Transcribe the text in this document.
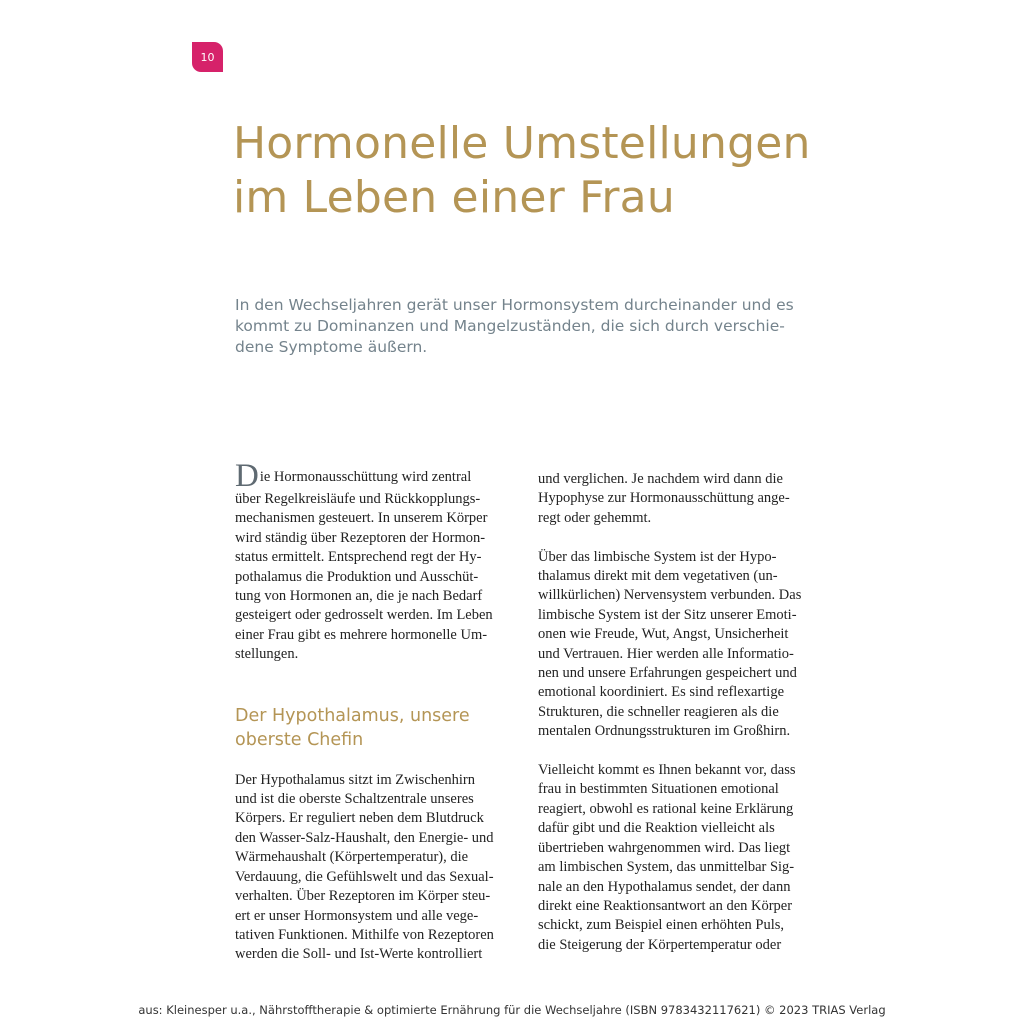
10
Hormonelle Umstellungen
im Leben einer Frau
In den Wechseljahren gerät unser Hormonsystem durcheinander und es
kommt zu Dominanzen und Mangelzuständen, die sich durch verschie-
dene Symptome äußern.

D ie Hormonausschüttung wird zentral
über Regelkreisläufe und Rückkopplungs-
mechanismen gesteuert. In unserem Körper
wird ständig über Rezeptoren der Hormon-
status ermittelt. Entsprechend regt der Hy-
pothalamus die Produktion und Ausschüt-
tung von Hormonen an, die je nach Bedarf
gesteigert oder gedrosselt werden. Im Leben
einer Frau gibt es mehrere hormonelle Um-
stellungen.

Der Hypothalamus, unsere
oberste Chefin

Der Hypothalamus sitzt im Zwischenhirn
und ist die oberste Schaltzentrale unseres
Körpers. Er reguliert neben dem Blutdruck
den Wasser-Salz-Haushalt, den Energie- und
Wärmehaushalt (Körpertemperatur), die
Verdauung, die Gefühlswelt und das Sexual-
verhalten. Über Rezeptoren im Körper steu-
ert er unser Hormonsystem und alle vege-
tativen Funktionen. Mithilfe von Rezeptoren
werden die Soll- und Ist-Werte kontrolliert

und verglichen. Je nachdem wird dann die
Hypophyse zur Hormonausschüttung ange-
regt oder gehemmt.

Über das limbische System ist der Hypo-
thalamus direkt mit dem vegetativen (un-
willkürlichen) Nervensystem verbunden. Das
limbische System ist der Sitz unserer Emoti-
onen wie Freude, Wut, Angst, Unsicherheit
und Vertrauen. Hier werden alle Informatio-
nen und unsere Erfahrungen gespeichert und
emotional koordiniert. Es sind reflexartige
Strukturen, die schneller reagieren als die
mentalen Ordnungsstrukturen im Großhirn.

Vielleicht kommt es Ihnen bekannt vor, dass
frau in bestimmten Situationen emotional
reagiert, obwohl es rational keine Erklärung
dafür gibt und die Reaktion vielleicht als
übertrieben wahrgenommen wird. Das liegt
am limbischen System, das unmittelbar Sig-
nale an den Hypothalamus sendet, der dann
direkt eine Reaktionsantwort an den Körper
schickt, zum Beispiel einen erhöhten Puls,
die Steigerung der Körpertemperatur oder

aus: Kleinesper u.a., Nährstofftherapie & optimierte Ernährung für die Wechseljahre (ISBN 9783432117621) © 2023 TRIAS Verlag
